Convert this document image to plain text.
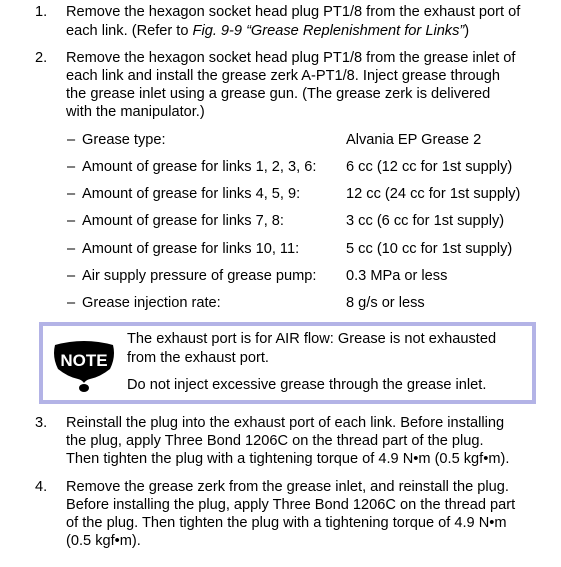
1. Remove the hexagon socket head plug PT1/8 from the exhaust port of
each link. (Refer to Fig. 9-9 “Grease Replenishment for Links”)
2. Remove the hexagon socket head plug PT1/8 from the grease inlet of
each link and install the grease zerk A-PT1/8. Inject grease through
the grease inlet using a grease gun. (The grease zerk is delivered
with the manipulator.)
– Grease type:	Alvania EP Grease 2
– Amount of grease for links 1, 2, 3, 6: 6 cc (12 cc for 1st supply)
– Amount of grease for links 4, 5, 9:	12 cc (24 cc for 1st supply)
– Amount of grease for links 7, 8:	3 cc (6 cc for 1st supply)
– Amount of grease for links 10, 11:	5 cc (10 cc for 1st supply)
– Air supply pressure of grease pump: 0.3 MPa or less
– Grease injection rate:	8 g/s or less
NOTE
The exhaust port is for AIR flow: Grease is not exhausted
from the exhaust port.
Do not inject excessive grease through the grease inlet.
3. Reinstall the plug into the exhaust port of each link. Before installing
the plug, apply Three Bond 1206C on the thread part of the plug.
Then tighten the plug with a tightening torque of 4.9 N•m (0.5 kgf•m).
4. Remove the grease zerk from the grease inlet, and reinstall the plug.
Before installing the plug, apply Three Bond 1206C on the thread part
of the plug. Then tighten the plug with a tightening torque of 4.9 N•m
(0.5 kgf•m).
